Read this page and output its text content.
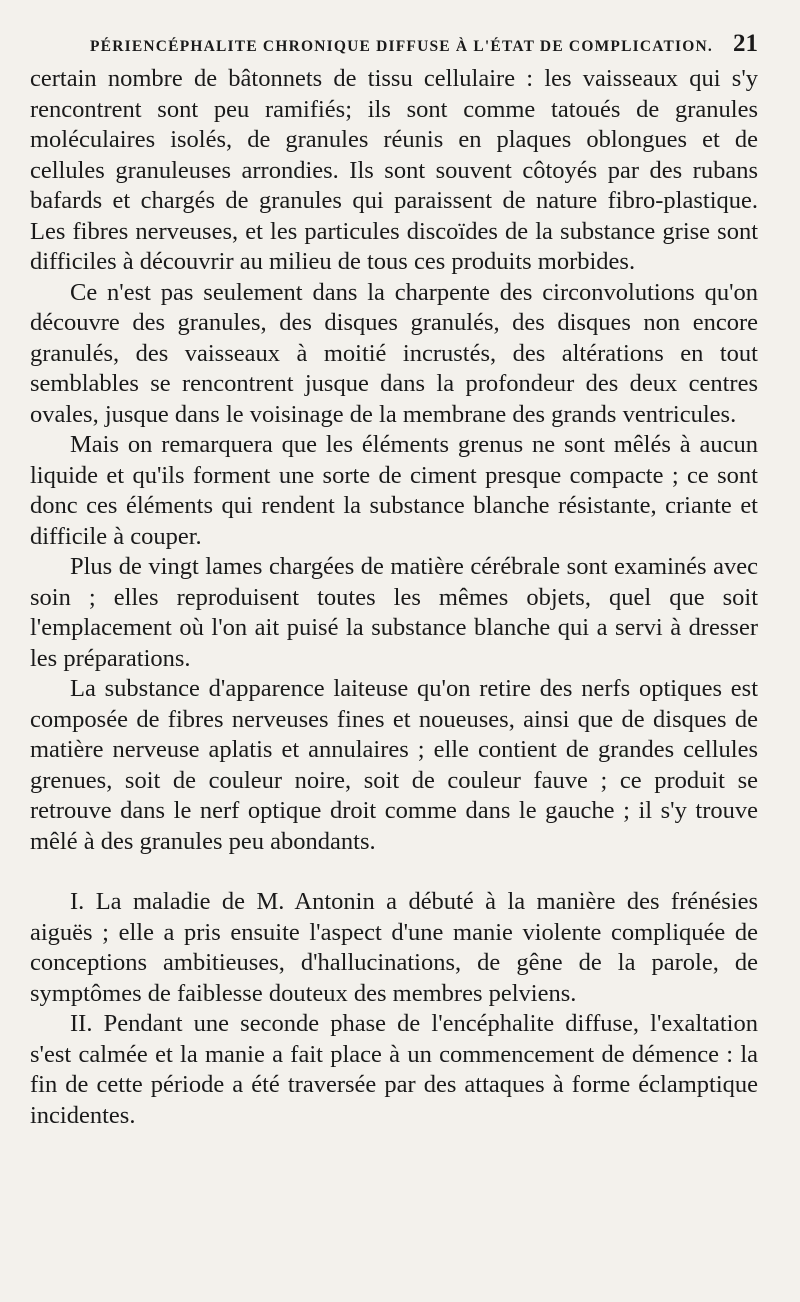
PÉRIENCÉPHALITE CHRONIQUE DIFFUSE À L'ÉTAT DE COMPLICATION. 21

certain nombre de bâtonnets de tissu cellulaire : les vaisseaux qui s'y rencontrent sont peu ramifiés; ils sont comme tatoués de granules moléculaires isolés, de granules réunis en plaques oblongues et de cellules granuleuses arrondies. Ils sont souvent côtoyés par des rubans bafards et chargés de granules qui paraissent de nature fibro-plastique. Les fibres nerveuses, et les particules discoïdes de la substance grise sont difficiles à découvrir au milieu de tous ces produits morbides.

Ce n'est pas seulement dans la charpente des circonvolutions qu'on découvre des granules, des disques granulés, des disques non encore granulés, des vaisseaux à moitié incrustés, des altérations en tout semblables se rencontrent jusque dans la profondeur des deux centres ovales, jusque dans le voisinage de la membrane des grands ventricules.

Mais on remarquera que les éléments grenus ne sont mêlés à aucun liquide et qu'ils forment une sorte de ciment presque compacte ; ce sont donc ces éléments qui rendent la substance blanche résistante, criante et difficile à couper.

Plus de vingt lames chargées de matière cérébrale sont examinés avec soin ; elles reproduisent toutes les mêmes objets, quel que soit l'emplacement où l'on ait puisé la substance blanche qui a servi à dresser les préparations.

La substance d'apparence laiteuse qu'on retire des nerfs optiques est composée de fibres nerveuses fines et noueuses, ainsi que de disques de matière nerveuse aplatis et annulaires ; elle contient de grandes cellules grenues, soit de couleur noire, soit de couleur fauve ; ce produit se retrouve dans le nerf optique droit comme dans le gauche ; il s'y trouve mêlé à des granules peu abondants.

I. La maladie de M. Antonin a débuté à la manière des frénésies aiguës ; elle a pris ensuite l'aspect d'une manie violente compliquée de conceptions ambitieuses, d'hallucinations, de gêne de la parole, de symptômes de faiblesse douteux des membres pelviens.

II. Pendant une seconde phase de l'encéphalite diffuse, l'exaltation s'est calmée et la manie a fait place à un commencement de démence : la fin de cette période a été traversée par des attaques à forme éclamptique incidentes.
